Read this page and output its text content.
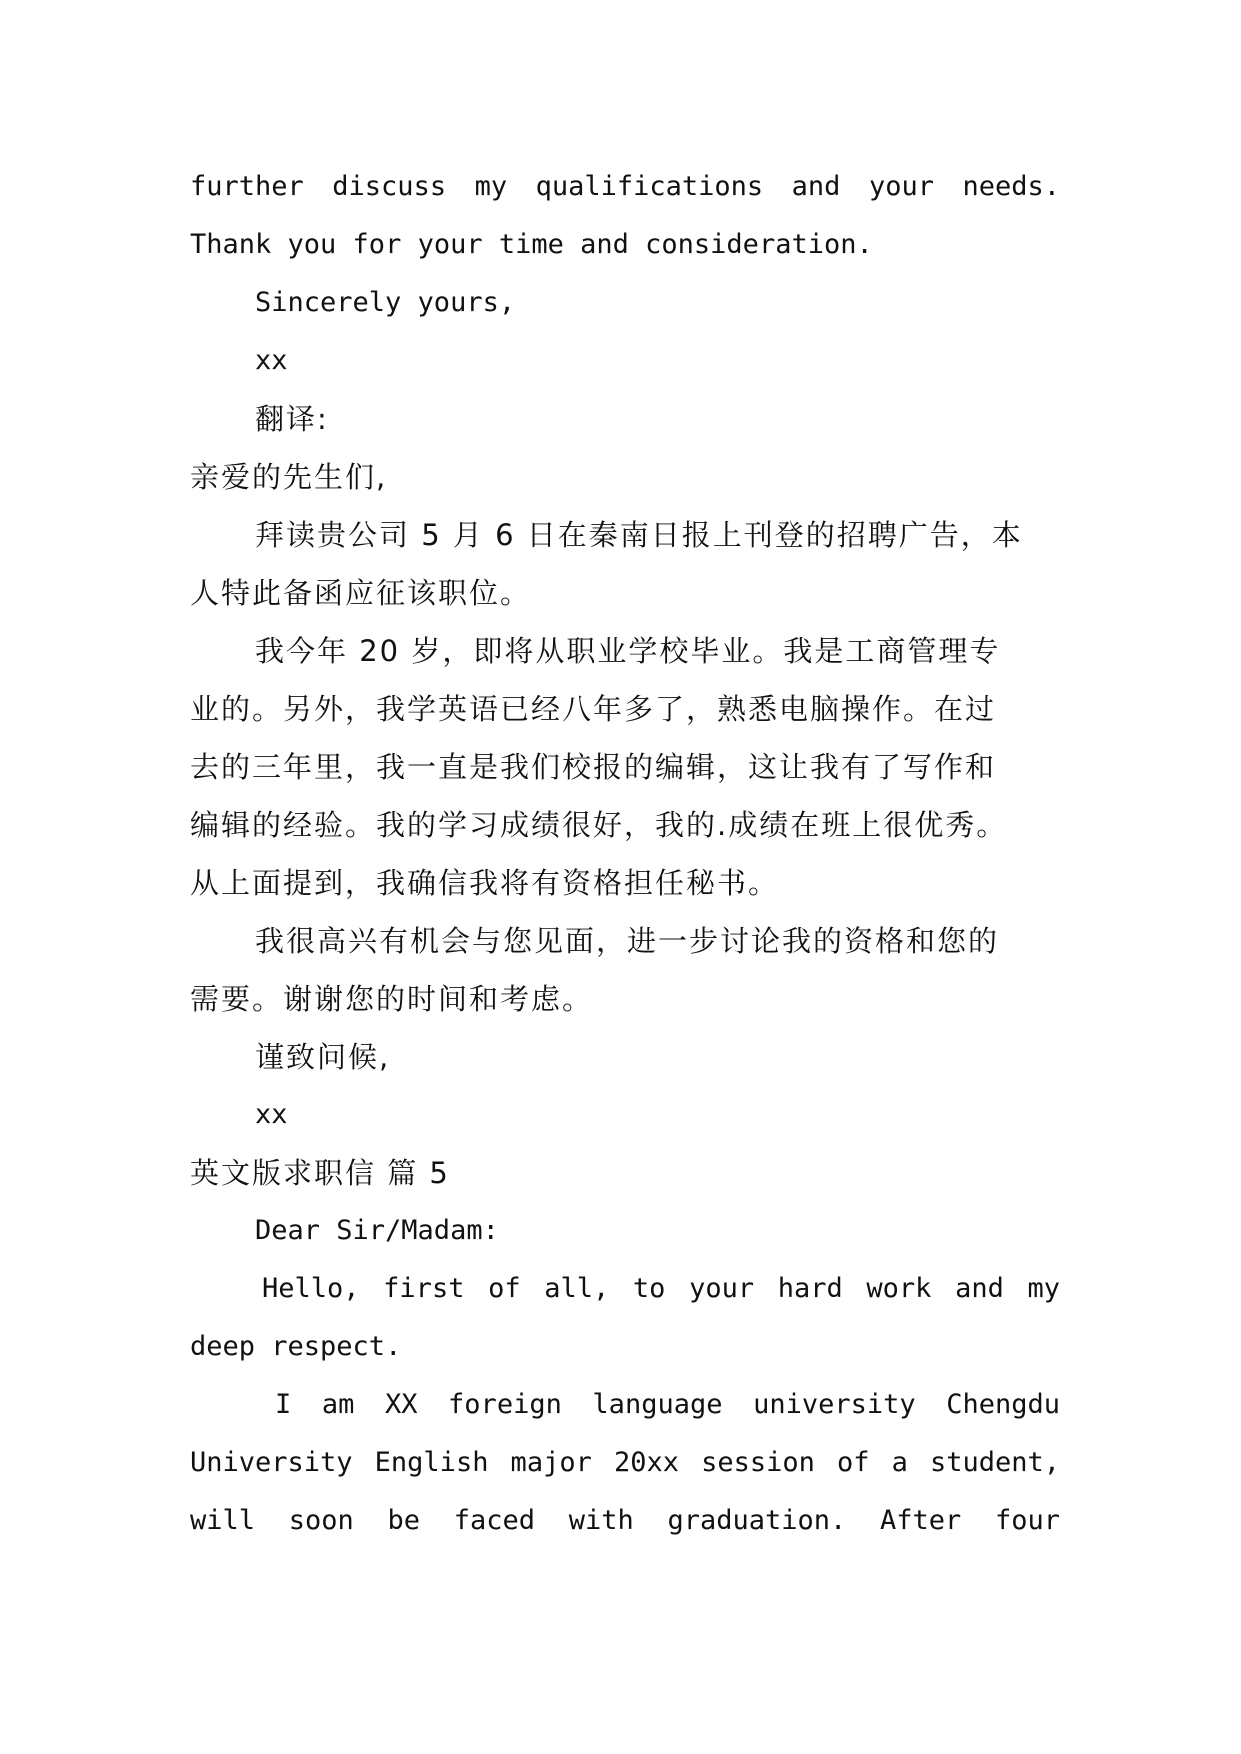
further discuss my qualifications and your needs.
Thank you for your time and consideration.
Sincerely yours,
xx
翻译:
亲爱的先生们,
拜读贵公司 5 月 6 日在秦南日报上刊登的招聘广告，本
人特此备函应征该职位。
我今年 20 岁，即将从职业学校毕业。我是工商管理专
业的。另外，我学英语已经八年多了，熟悉电脑操作。在过
去的三年里，我一直是我们校报的编辑，这让我有了写作和
编辑的经验。我的学习成绩很好，我的.成绩在班上很优秀。
从上面提到，我确信我将有资格担任秘书。
我很高兴有机会与您见面，进一步讨论我的资格和您的
需要。谢谢您的时间和考虑。
谨致问候,
xx
英文版求职信 篇 5
Dear Sir/Madam:
Hello, first of all, to your hard work and my
deep respect.
I am XX foreign language university Chengdu
University English major 20xx session of a student,
will soon be faced with graduation. After four
